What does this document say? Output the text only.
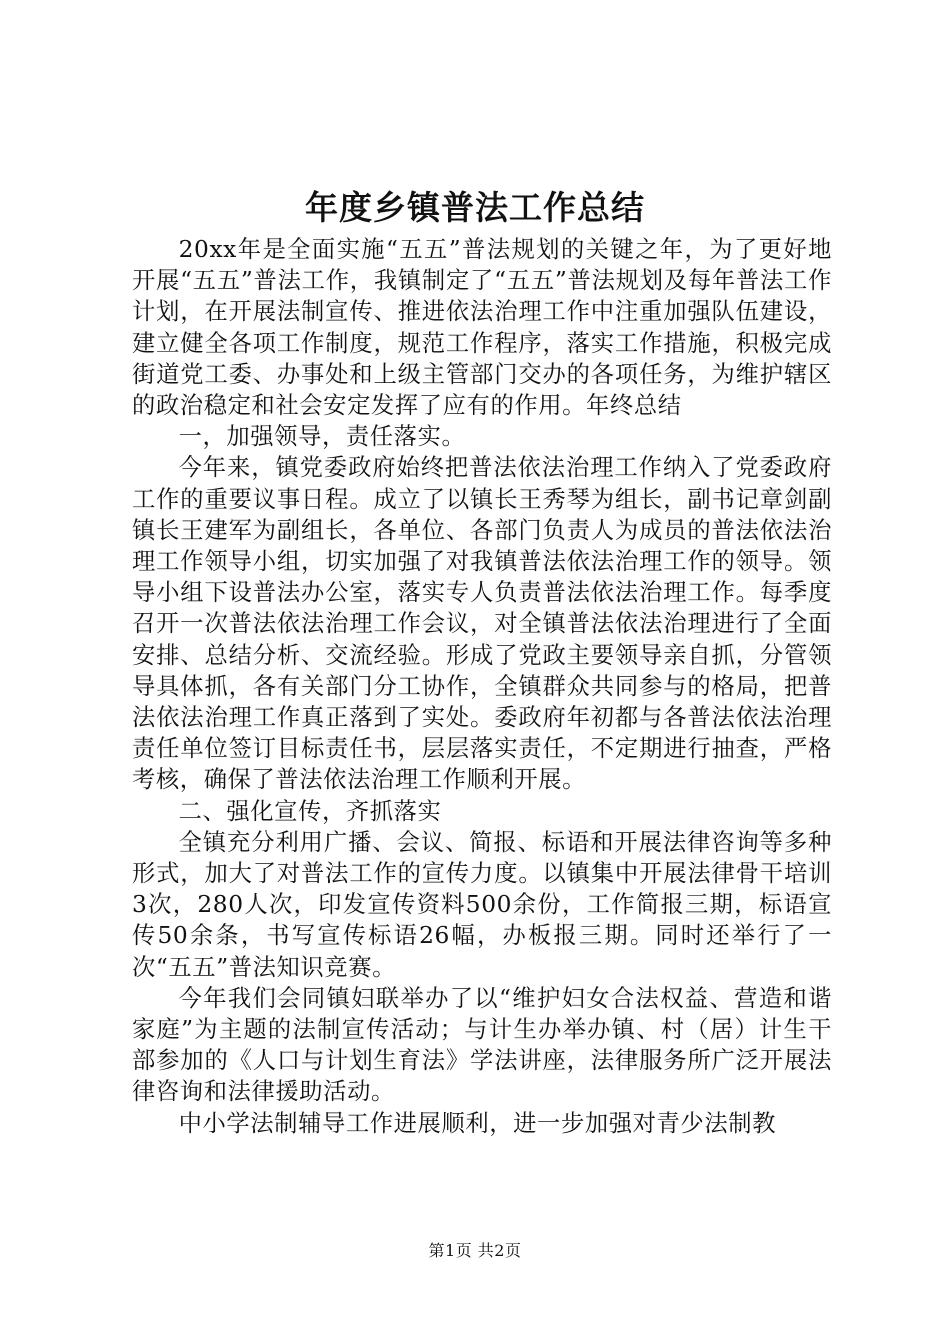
年度乡镇普法工作总结

20xx年是全面实施“五五”普法规划的关键之年，为了更好地开展“五五”普法工作，我镇制定了“五五”普法规划及每年普法工作计划，在开展法制宣传、推进依法治理工作中注重加强队伍建设，建立健全各项工作制度，规范工作程序，落实工作措施，积极完成街道党工委、办事处和上级主管部门交办的各项任务，为维护辖区的政治稳定和社会安定发挥了应有的作用。年终总结

一，加强领导，责任落实。

今年来，镇党委政府始终把普法依法治理工作纳入了党委政府工作的重要议事日程。成立了以镇长王秀琴为组长，副书记章剑副镇长王建军为副组长，各单位、各部门负责人为成员的普法依法治理工作领导小组，切实加强了对我镇普法依法治理工作的领导。领导小组下设普法办公室，落实专人负责普法依法治理工作。每季度召开一次普法依法治理工作会议，对全镇普法依法治理进行了全面安排、总结分析、交流经验。形成了党政主要领导亲自抓，分管领导具体抓，各有关部门分工协作，全镇群众共同参与的格局，把普法依法治理工作真正落到了实处。委政府年初都与各普法依法治理责任单位签订目标责任书，层层落实责任，不定期进行抽查，严格考核，确保了普法依法治理工作顺利开展。

二、强化宣传，齐抓落实

全镇充分利用广播、会议、简报、标语和开展法律咨询等多种形式，加大了对普法工作的宣传力度。以镇集中开展法律骨干培训3次，280人次，印发宣传资料500余份，工作简报三期，标语宣传50余条，书写宣传标语26幅，办板报三期。同时还举行了一次“五五”普法知识竞赛。

今年我们会同镇妇联举办了以“维护妇女合法权益、营造和谐家庭”为主题的法制宣传活动；与计生办举办镇、村（居）计生干部参加的《人口与计划生育法》学法讲座，法律服务所广泛开展法律咨询和法律援助活动。

中小学法制辅导工作进展顺利，进一步加强对青少法制教

第1页 共2页
